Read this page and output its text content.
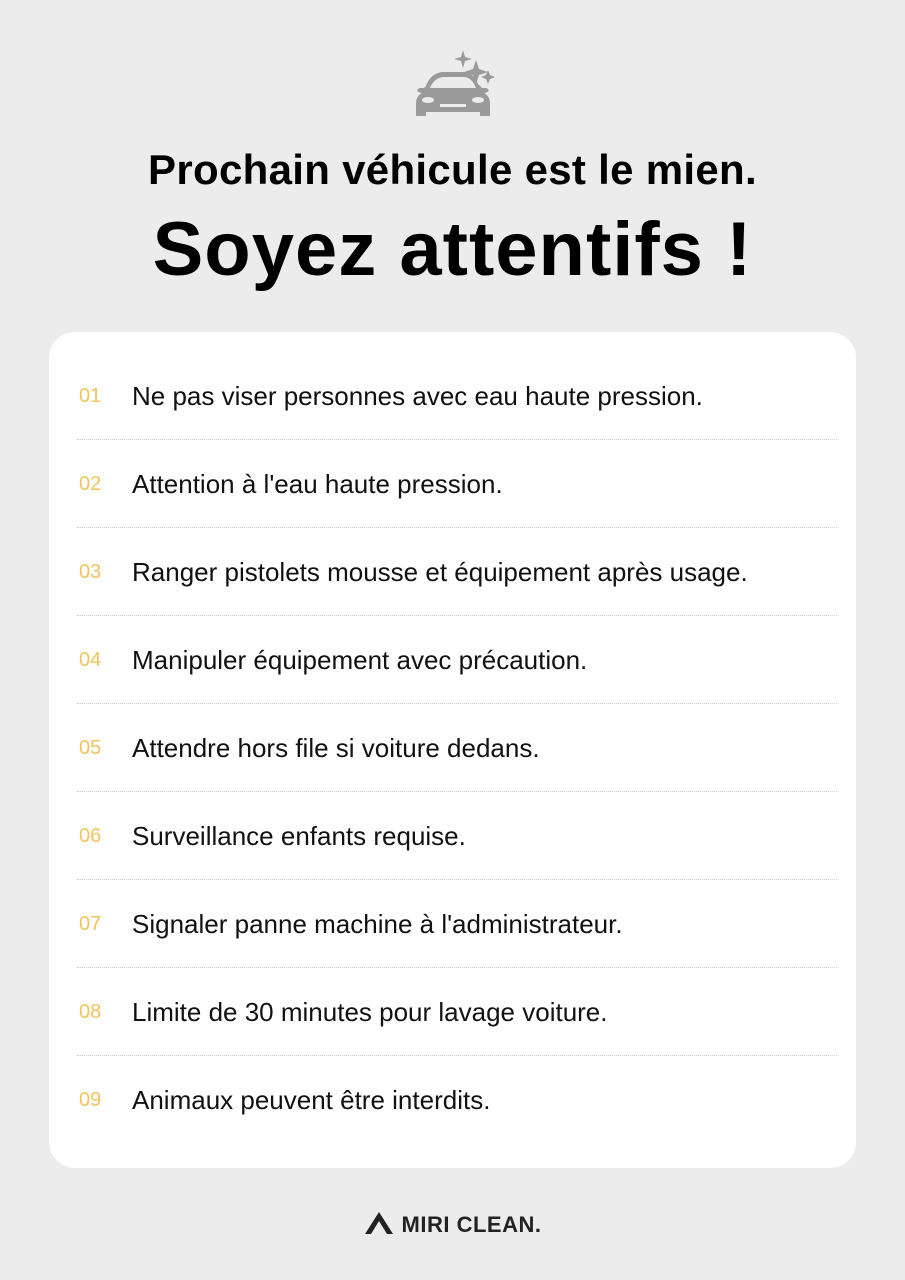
Prochain véhicule est le mien.
Soyez attentifs !
01	Ne pas viser personnes avec eau haute pression.
02	Attention à l'eau haute pression.
03	Ranger pistolets mousse et équipement après usage.
04	Manipuler équipement avec précaution.
05	Attendre hors file si voiture dedans.
06	Surveillance enfants requise.
07	Signaler panne machine à l'administrateur.
08	Limite de 30 minutes pour lavage voiture.
09	Animaux peuvent être interdits.
MIRI CLEAN.
